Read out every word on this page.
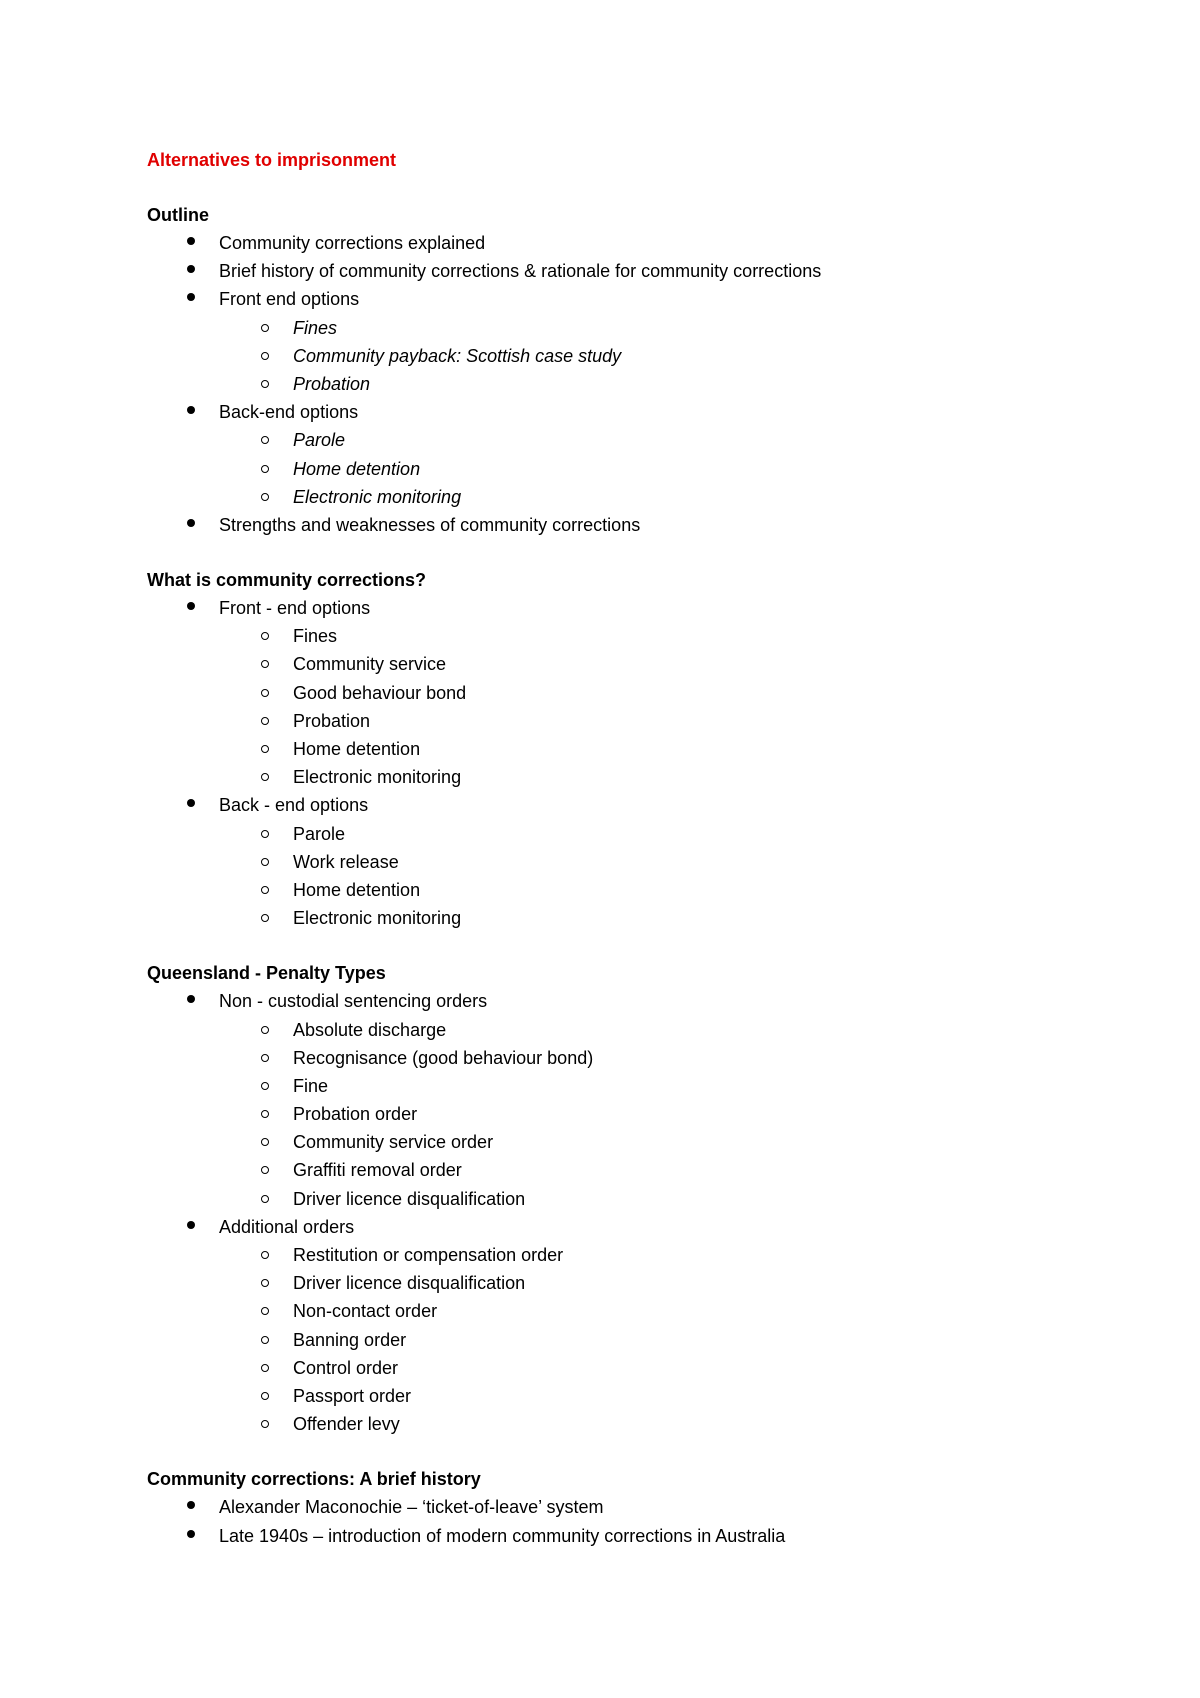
Alternatives to imprisonment
Outline
Community corrections explained
Brief history of community corrections & rationale for community corrections
Front end options
Fines
Community payback: Scottish case study
Probation
Back-end options
Parole
Home detention
Electronic monitoring
Strengths and weaknesses of community corrections
What is community corrections?
Front - end options
Fines
Community service
Good behaviour bond
Probation
Home detention
Electronic monitoring
Back - end options
Parole
Work release
Home detention
Electronic monitoring
Queensland - Penalty Types
Non - custodial sentencing orders
Absolute discharge
Recognisance (good behaviour bond)
Fine
Probation order
Community service order
Graffiti removal order
Driver licence disqualification
Additional orders
Restitution or compensation order
Driver licence disqualification
Non-contact order
Banning order
Control order
Passport order
Offender levy
Community corrections: A brief history
Alexander Maconochie – ‘ticket-of-leave’ system
Late 1940s – introduction of modern community corrections in Australia
